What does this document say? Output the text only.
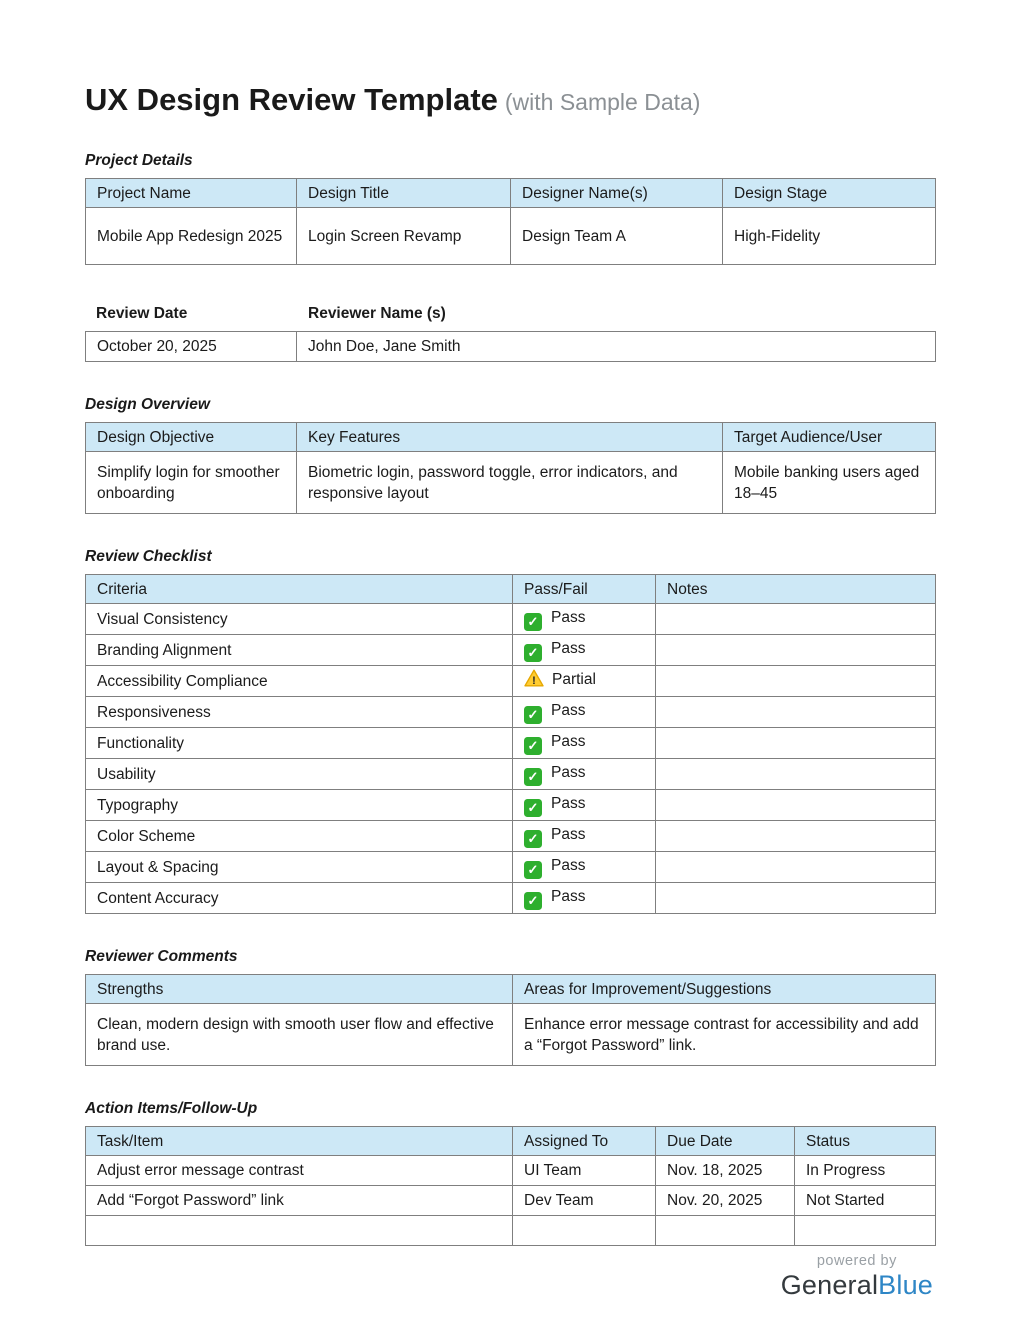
UX Design Review Template (with Sample Data)
Project Details
Project Name	Design Title	Designer Name(s)	Design Stage
Mobile App Redesign 2025	Login Screen Revamp	Design Team A	High-Fidelity
Review Date	Reviewer Name (s)
October 20, 2025	John Doe, Jane Smith
Design Overview
Design Objective	Key Features	Target Audience/User
Simplify login for smoother onboarding	Biometric login, password toggle, error indicators, and responsive layout	Mobile banking users aged 18–45
Review Checklist
Criteria	Pass/Fail	Notes
Visual Consistency	✓Pass	
Branding Alignment	✓Pass	
Accessibility Compliance	! Partial	
Responsiveness	✓Pass	
Functionality	✓Pass	
Usability	✓Pass	
Typography	✓Pass	
Color Scheme	✓Pass	
Layout & Spacing	✓Pass	
Content Accuracy	✓Pass	
Reviewer Comments
Strengths	Areas for Improvement/Suggestions
Clean, modern design with smooth user flow and effective brand use.	Enhance error message contrast for accessibility and add a “Forgot Password” link.
Action Items/Follow-Up
Task/Item	Assigned To	Due Date	Status
Adjust error message contrast	UI Team	Nov. 18, 2025	In Progress
Add “Forgot Password” link	Dev Team	Nov. 20, 2025	Not Started

powered by
GeneralBlue
